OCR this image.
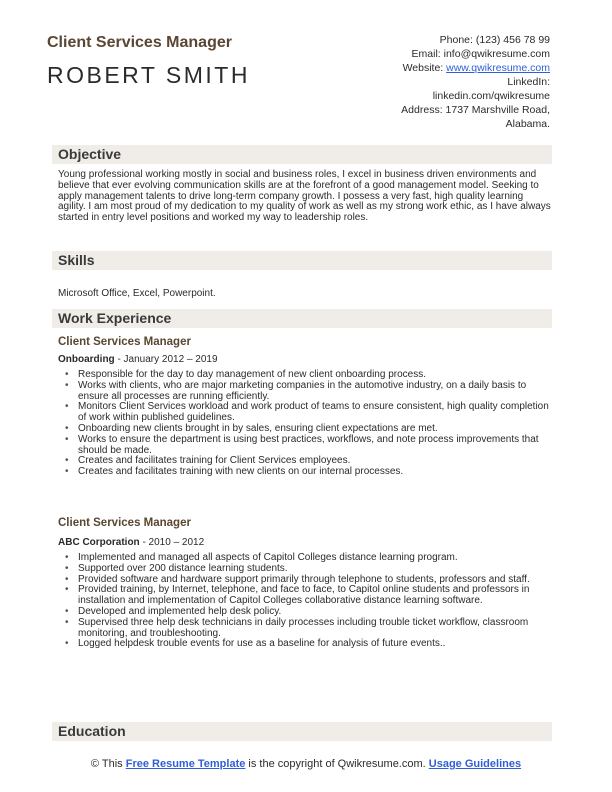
Client Services Manager
ROBERT SMITH
Phone: (123) 456 78 99
Email: info@qwikresume.com
Website: www.qwikresume.com
LinkedIn:
linkedin.com/qwikresume
Address: 1737 Marshville Road,
Alabama.
Objective
Young professional working mostly in social and business roles, I excel in business driven environments and believe that ever evolving communication skills are at the forefront of a good management model. Seeking to apply management talents to drive long-term company growth. I possess a very fast, high quality learning agility. I am most proud of my dedication to my quality of work as well as my strong work ethic, as I have always started in entry level positions and worked my way to leadership roles.
Skills
Microsoft Office, Excel, Powerpoint.
Work Experience
Client Services Manager
Onboarding - January 2012 – 2019
• Responsible for the day to day management of new client onboarding process.
• Works with clients, who are major marketing companies in the automotive industry, on a daily basis to ensure all processes are running efficiently.
• Monitors Client Services workload and work product of teams to ensure consistent, high quality completion of work within published guidelines.
• Onboarding new clients brought in by sales, ensuring client expectations are met.
• Works to ensure the department is using best practices, workflows, and note process improvements that should be made.
• Creates and facilitates training for Client Services employees.
• Creates and facilitates training with new clients on our internal processes.
Client Services Manager
ABC Corporation - 2010 – 2012
• Implemented and managed all aspects of Capitol Colleges distance learning program.
• Supported over 200 distance learning students.
• Provided software and hardware support primarily through telephone to students, professors and staff.
• Provided training, by Internet, telephone, and face to face, to Capitol online students and professors in installation and implementation of Capitol Colleges collaborative distance learning software.
• Developed and implemented help desk policy.
• Supervised three help desk technicians in daily processes including trouble ticket workflow, classroom monitoring, and troubleshooting.
• Logged helpdesk trouble events for use as a baseline for analysis of future events..
Education
© This Free Resume Template is the copyright of Qwikresume.com. Usage Guidelines
